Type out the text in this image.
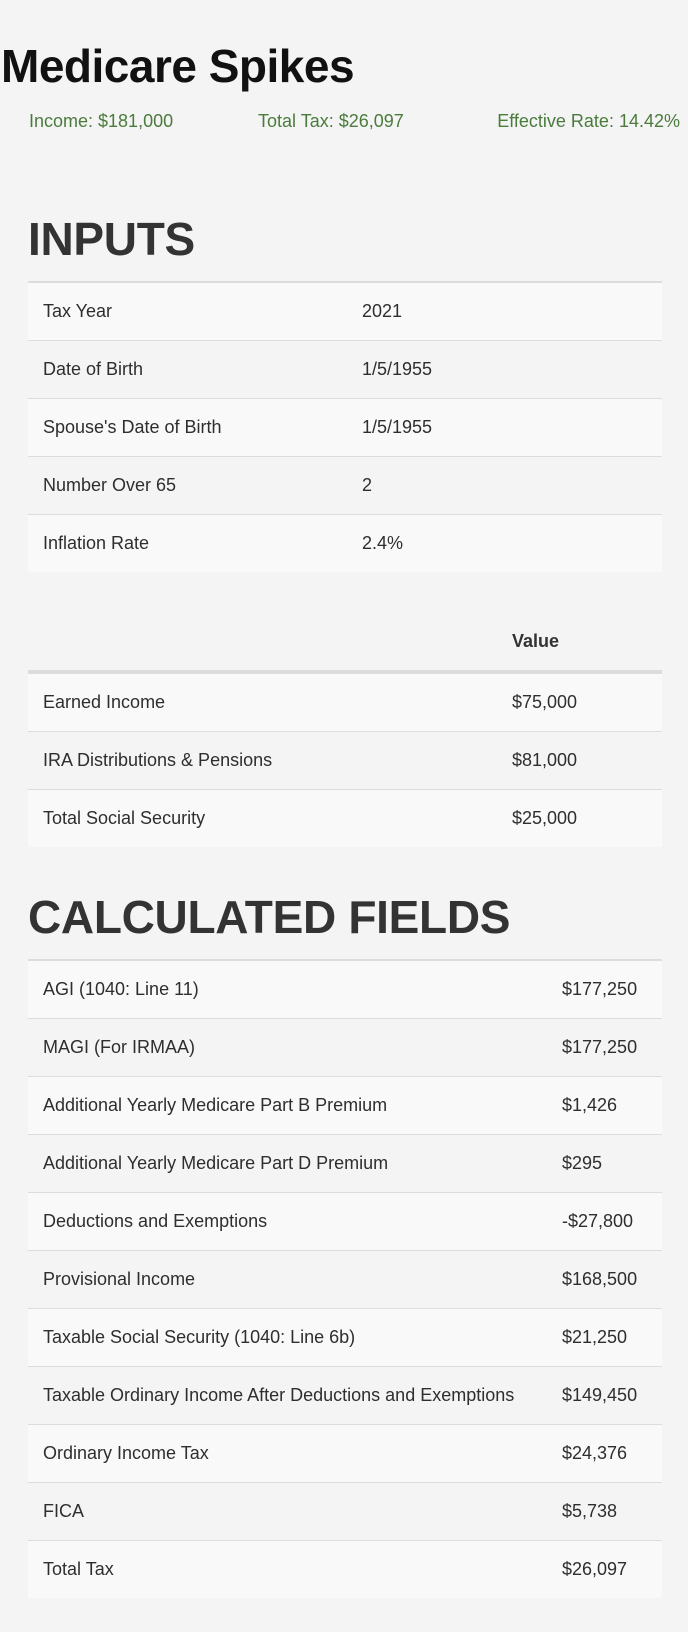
Medicare Spikes
Income: $181,000	Total Tax: $26,097	Effective Rate: 14.42%
INPUTS
Tax Year	2021
Date of Birth	1/5/1955
Spouse's Date of Birth	1/5/1955
Number Over 65	2
Inflation Rate	2.4%
	Value
Earned Income	$75,000
IRA Distributions & Pensions	$81,000
Total Social Security	$25,000
CALCULATED FIELDS
AGI (1040: Line 11)	$177,250
MAGI (For IRMAA)	$177,250
Additional Yearly Medicare Part B Premium	$1,426
Additional Yearly Medicare Part D Premium	$295
Deductions and Exemptions	-$27,800
Provisional Income	$168,500
Taxable Social Security (1040: Line 6b)	$21,250
Taxable Ordinary Income After Deductions and Exemptions	$149,450
Ordinary Income Tax	$24,376
FICA	$5,738
Total Tax	$26,097
